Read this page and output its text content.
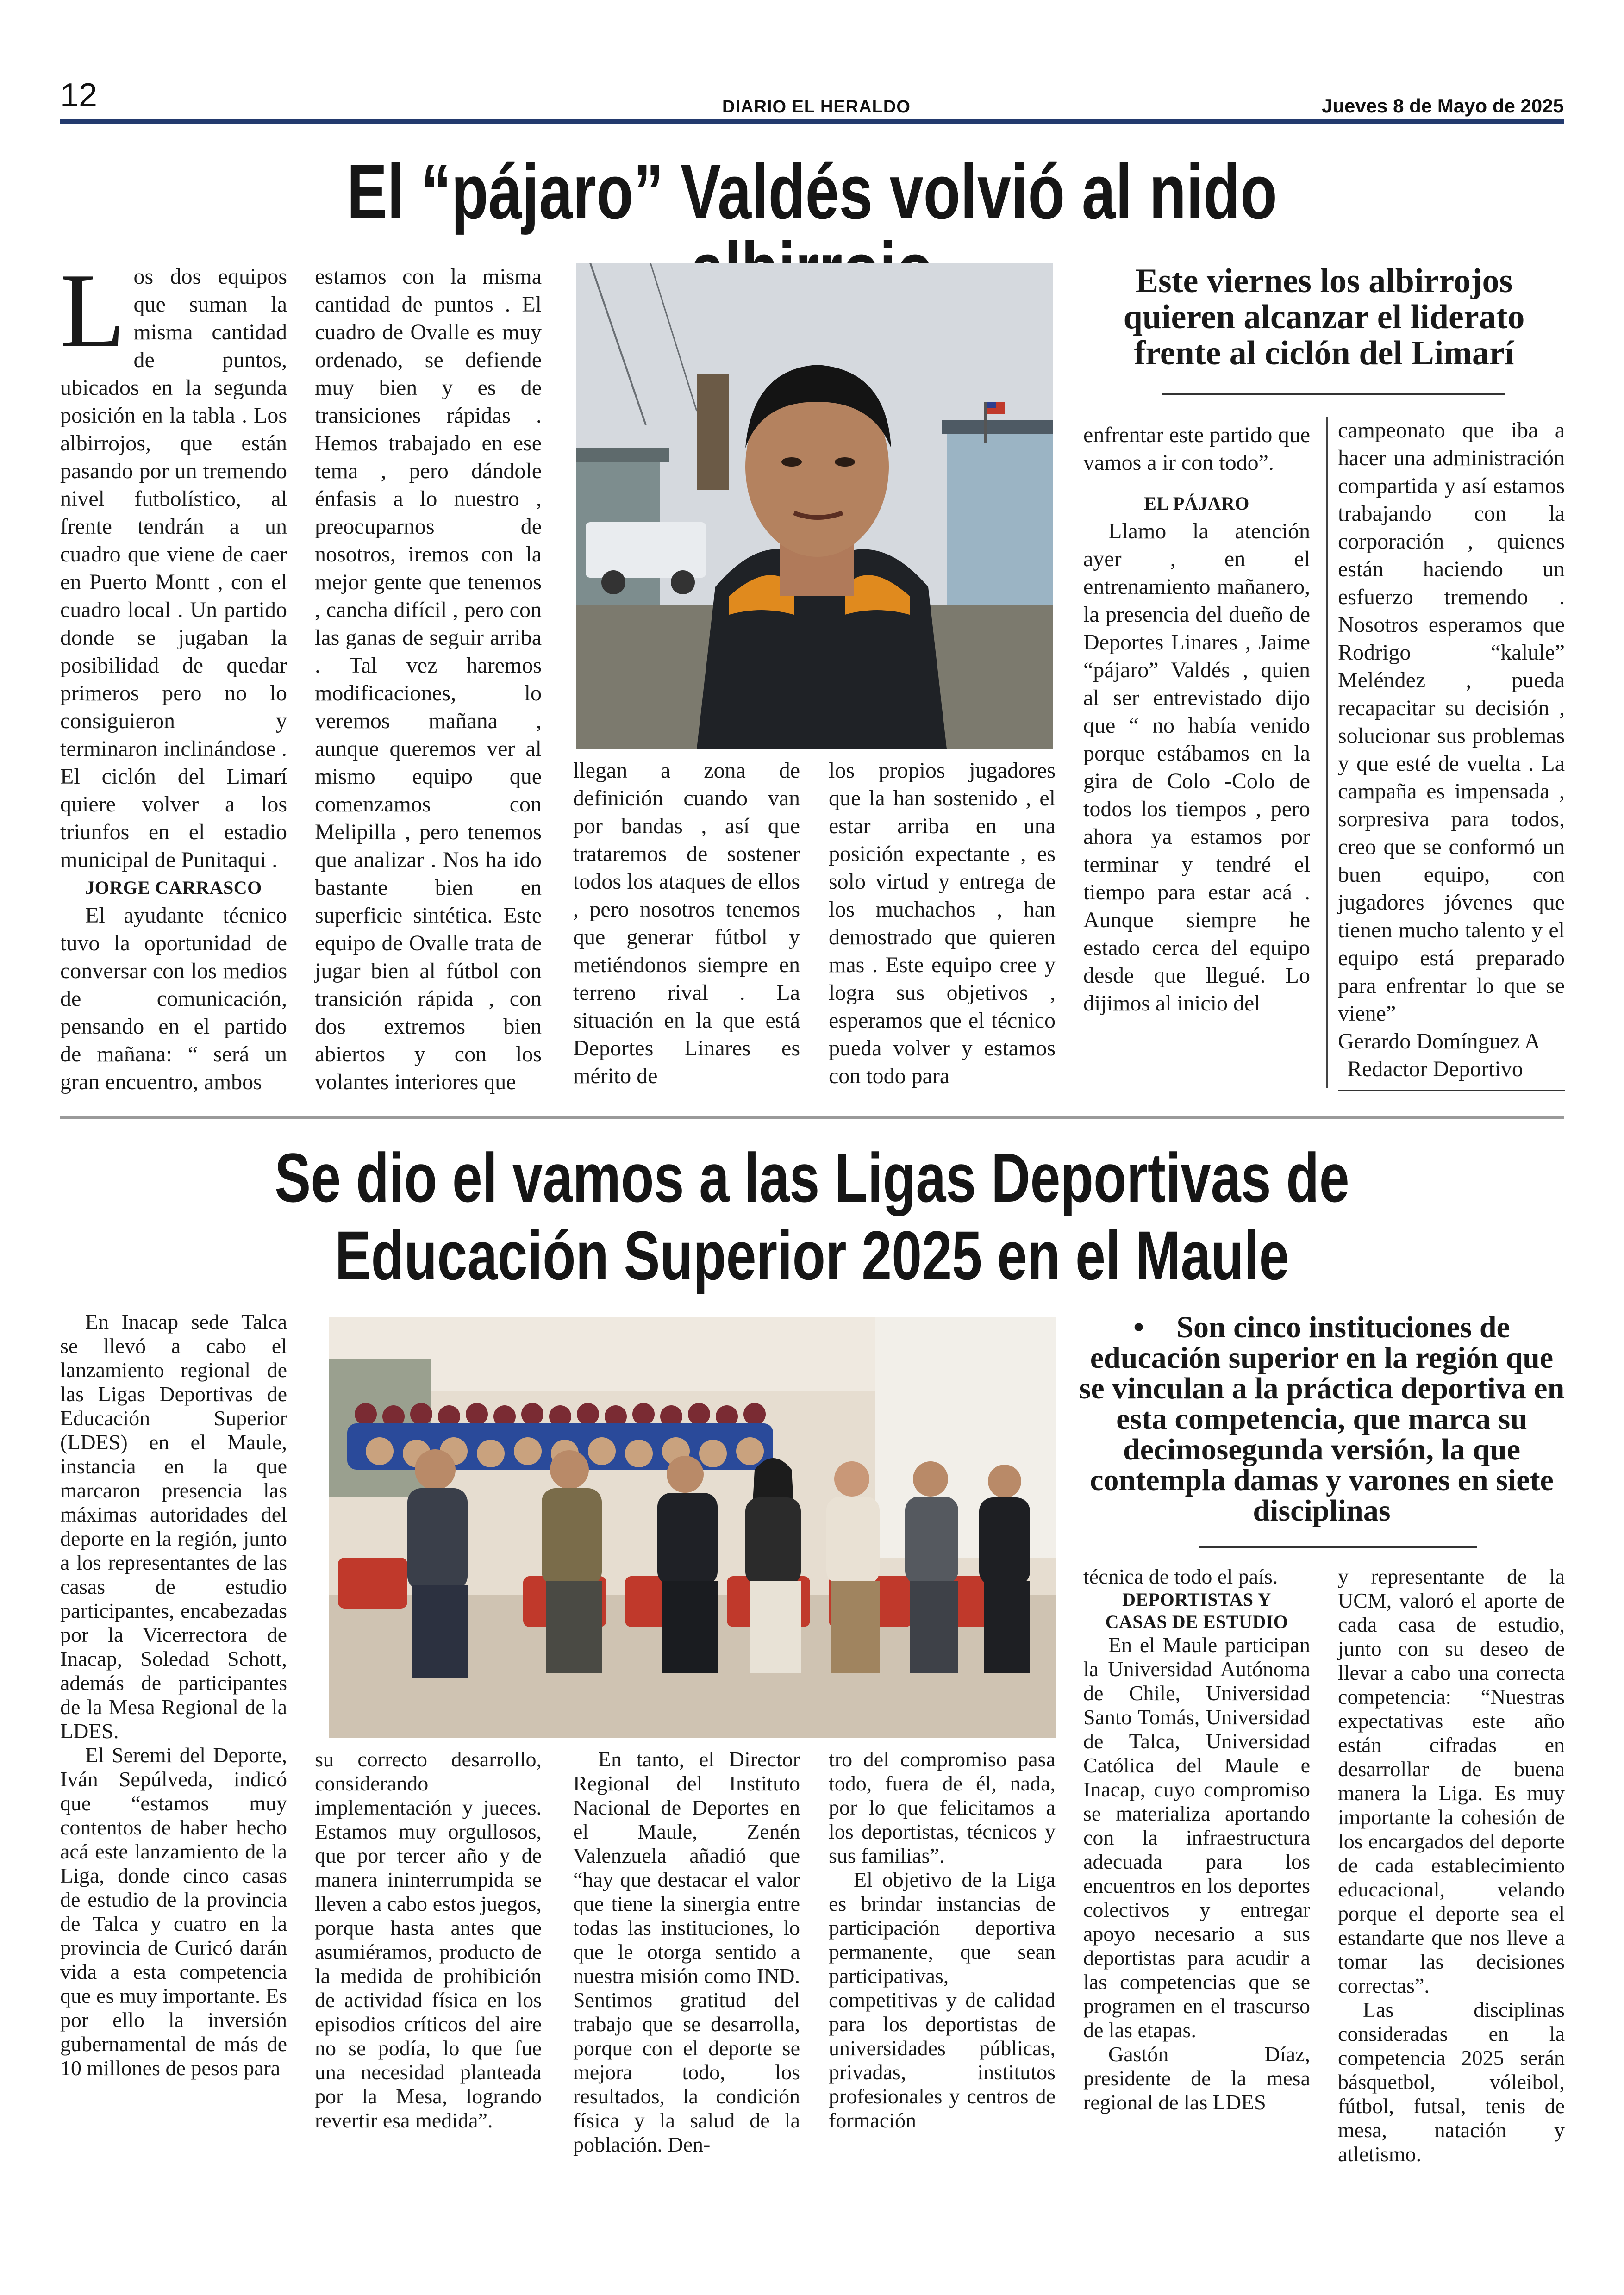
12	DIARIO EL HERALDO	Jueves 8 de Mayo de 2025
El “pájaro” Valdés volvió al nido

Los dos equipos que suman la misma cantidad de puntos, ubicados en la segunda posición en la tabla . Los albirrojos, que están pasando por un tremendo nivel futbolístico, al frente tendrán a un cuadro que viene de caer en Puerto Montt , con el cuadro local . Un partido donde se jugaban la posibilidad de quedar primeros pero no lo consiguieron y terminaron inclinándose . El ciclón del Limarí quiere volver a los triunfos en el estadio municipal de Punitaqui .

JORGE CARRASCO

El ayudante técnico tuvo la oportunidad de conversar con los medios de comunicación, pensando en el partido de mañana: “ será un gran encuentro, ambos

estamos con la misma cantidad de puntos . El cuadro de Ovalle es muy ordenado, se defiende muy bien y es de transiciones rápidas . Hemos trabajado en ese tema , pero dándole énfasis a lo nuestro , preocuparnos de nosotros, iremos con la mejor gente que tenemos , cancha difícil , pero con las ganas de seguir arriba . Tal vez haremos modificaciones, lo veremos mañana , aunque queremos ver al mismo equipo que comenzamos con Melipilla , pero tenemos que analizar . Nos ha ido bastante bien en superficie sintética. Este equipo de Ovalle trata de jugar bien al fútbol con transición rápida , con dos extremos bien abiertos y con los volantes interiores que

llegan a zona de definición cuando van por bandas , así que trataremos de sostener todos los ataques de ellos , pero nosotros tenemos que generar fútbol y metiéndonos siempre en terreno rival . La situación en la que está Deportes Linares es mérito de

los propios jugadores que la han sostenido , el estar arriba en una posición expectante , es solo virtud y entrega de los muchachos , han demostrado que quieren mas . Este equipo cree y logra sus objetivos , esperamos que el técnico pueda volver y estamos con todo para

Este viernes los albirrojos quieren alcanzar el liderato frente al ciclón del Limarí

enfrentar este partido que vamos a ir con todo”.

EL PÁJARO

Llamo la atención ayer , en el entrenamiento mañanero, la presencia del dueño de Deportes Linares , Jaime “pájaro” Valdés , quien al ser entrevistado dijo que “ no había venido porque estábamos en la gira de Colo -Colo de todos los tiempos , pero ahora ya estamos por terminar y tendré el tiempo para estar acá . Aunque siempre he estado cerca del equipo desde que llegué. Lo dijimos al inicio del

campeonato que iba a hacer una administración compartida y así estamos trabajando con la corporación , quienes están haciendo un esfuerzo tremendo . Nosotros esperamos que Rodrigo “kalule” Meléndez , pueda recapacitar su decisión , solucionar sus problemas y que esté de vuelta . La campaña es impensada , sorpresiva para todos, creo que se conformó un buen equipo, con jugadores jóvenes que tienen mucho talento y el equipo está preparado para enfrentar lo que se viene”

Gerardo Domínguez A

Redactor Deportivo

Se dio el vamos a las Ligas Deportivas de
Educación Superior 2025 en el Maule

En Inacap sede Talca se llevó a cabo el lanzamiento regional de las Ligas Deportivas de Educación Superior (LDES) en el Maule, instancia en la que marcaron presencia las máximas autoridades del deporte en la región, junto a los representantes de las casas de estudio participantes, encabezadas por la Vicerrectora de Inacap, Soledad Schott, además de participantes de la Mesa Regional de la LDES.

El Seremi del Deporte, Iván Sepúlveda, indicó que “estamos muy contentos de haber hecho acá este lanzamiento de la Liga, donde cinco casas de estudio de la provincia de Talca y cuatro en la provincia de Curicó darán vida a esta competencia que es muy importante. Es por ello la inversión gubernamental de más de 10 millones de pesos para

su correcto desarrollo, considerando implementación y jueces. Estamos muy orgullosos, que por tercer año y de manera ininterrumpida se lleven a cabo estos juegos, porque hasta antes que asumiéramos, producto de la medida de prohibición de actividad física en los episodios críticos del aire no se podía, lo que fue una necesidad planteada por la Mesa, logrando revertir esa medida”.

En tanto, el Director Regional del Instituto Nacional de Deportes en el Maule, Zenén Valenzuela añadió que “hay que destacar el valor que tiene la sinergia entre todas las instituciones, lo que le otorga sentido a nuestra misión como IND. Sentimos gratitud del trabajo que se desarrolla, porque con el deporte se mejora todo, los resultados, la condición física y la salud de la población. Den-

tro del compromiso pasa todo, fuera de él, nada, por lo que felicitamos a los deportistas, técnicos y sus familias”.

El objetivo de la Liga es brindar instancias de participación deportiva permanente, que sean participativas, competitivas y de calidad para los deportistas de universidades públicas, privadas, institutos profesionales y centros de formación

• Son cinco instituciones de educación superior en la región que se vinculan a la práctica deportiva en esta competencia, que marca su decimosegunda versión, la que contempla damas y varones en siete disciplinas

técnica de todo el país.

DEPORTISTAS Y

CASAS DE ESTUDIO

En el Maule participan la Universidad Autónoma de Chile, Universidad Santo Tomás, Universidad de Talca, Universidad Católica del Maule e Inacap, cuyo compromiso se materializa aportando con la infraestructura adecuada para los encuentros en los deportes colectivos y entregar apoyo necesario a sus deportistas para acudir a las competencias que se programen en el trascurso de las etapas.

Gastón Díaz, presidente de la mesa regional de las LDES

y representante de la UCM, valoró el aporte de cada casa de estudio, junto con su deseo de llevar a cabo una correcta competencia: “Nuestras expectativas este año están cifradas en desarrollar de buena manera la Liga. Es muy importante la cohesión de los encargados del deporte de cada establecimiento educacional, velando porque el deporte sea el estandarte que nos lleve a tomar las decisiones correctas”.

Las disciplinas consideradas en la competencia 2025 serán básquetbol, vóleibol, fútbol, futsal, tenis de mesa, natación y atletismo.
